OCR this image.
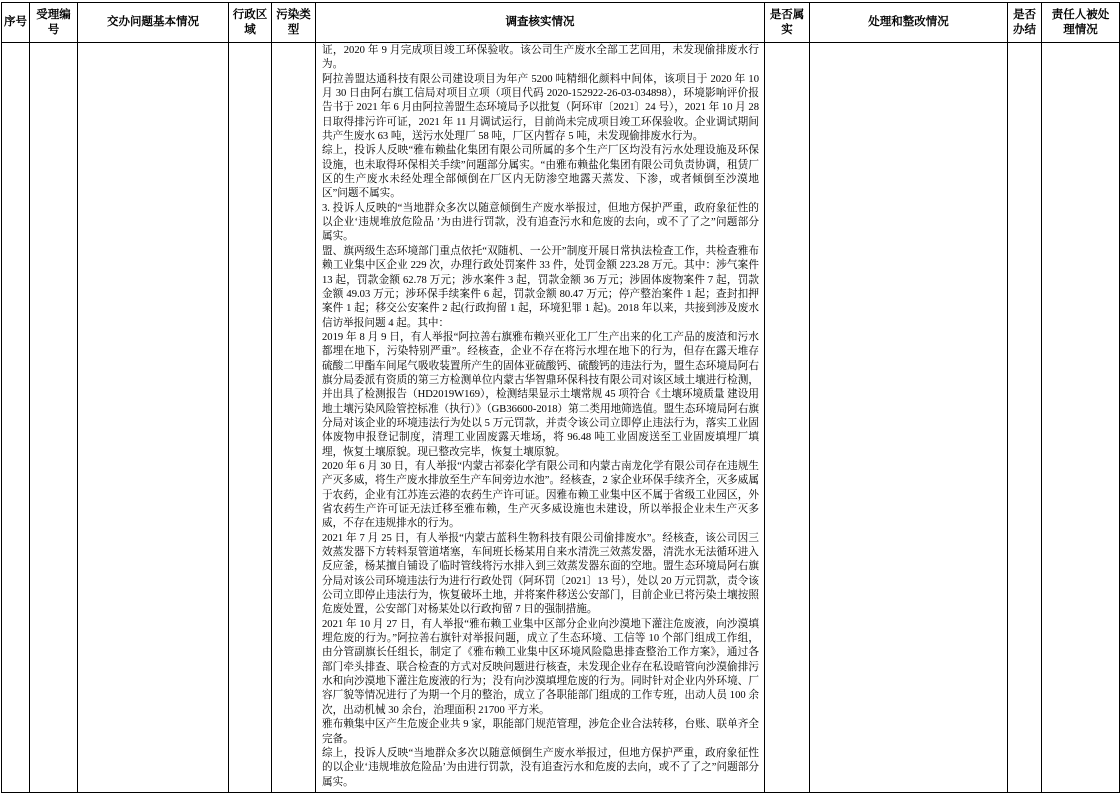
序号	受理编号	交办问题基本情况	行政区域	污染类型	调查核实情况	是否属实	处理和整改情况	是否办结	责任人被处理情况

证，2020 年 9 月完成项目竣工环保验收。该公司生产废水全部工艺回用，未发现偷排废水行为。

阿拉善盟达通科技有限公司建设项目为年产 5200 吨精细化颜料中间体，该项目于 2020 年 10 月 30 日由阿右旗工信局对项目立项（项目代码 2020-152922-26-03-034898），环境影响评价报告书于 2021 年 6 月由阿拉善盟生态环境局予以批复（阿环审〔2021〕24 号），2021 年 10 月 28 日取得排污许可证，2021 年 11 月调试运行，目前尚未完成项目竣工环保验收。企业调试期间共产生废水 63 吨，送污水处理厂 58 吨，厂区内暂存 5 吨，未发现偷排废水行为。

综上，投诉人反映“雅布赖盐化集团有限公司所属的多个生产厂区均没有污水处理设施及环保设施，也未取得环保相关手续”问题部分属实。“由雅布赖盐化集团有限公司负责协调，租赁厂区的生产废水未经处理全部倾倒在厂区内无防渗空地露天蒸发、下渗，或者倾倒至沙漠地区”问题不属实。

3. 投诉人反映的“当地群众多次以随意倾倒生产废水举报过，但地方保护严重，政府象征性的以企业‘违规堆放危险品 ’为由进行罚款，没有追查污水和危废的去向，或不了了之”问题部分属实。

盟、旗两级生态环境部门重点依托“双随机、一公开”制度开展日常执法检查工作，共检查雅布赖工业集中区企业 229 次，办理行政处罚案件 33 件，处罚金额 223.28 万元。其中：涉气案件 13 起，罚款金额 62.78 万元；涉水案件 3 起，罚款金额 36 万元；涉固体废物案件 7 起，罚款金额 49.03 万元；涉环保手续案件 6 起，罚款金额 80.47 万元；停产整治案件 1 起；查封扣押案件 1 起；移交公安案件 2 起(行政拘留 1 起，环境犯罪 1 起)。2018 年以来，共接到涉及废水信访举报问题 4 起。其中：

2019 年 8 月 9 日，有人举报“阿拉善右旗雅布赖兴亚化工厂生产出来的化工产品的废渣和污水都埋在地下，污染特别严重”。经核查，企业不存在将污水埋在地下的行为，但存在露天堆存硫酸二甲酯车间尾气吸收装置所产生的固体亚硫酸钙、硫酸钙的违法行为，盟生态环境局阿右旗分局委派有资质的第三方检测单位内蒙古华智鼎环保科技有限公司对该区域土壤进行检测，并出具了检测报告（HD2019W169），检测结果显示土壤常规 45 项符合《土壤环境质量 建设用地土壤污染风险管控标准（执行）》（GB36600-2018）第二类用地筛选值。盟生态环境局阿右旗分局对该企业的环境违法行为处以 5 万元罚款，并责令该公司立即停止违法行为，落实工业固体废物申报登记制度，清理工业固废露天堆场，将 96.48 吨工业固废送至工业固废填埋厂填埋，恢复土壤原貌。现已整改完毕，恢复土壤原貌。

2020 年 6 月 30 日，有人举报“内蒙古祁泰化学有限公司和内蒙古南龙化学有限公司存在违规生产灭多威，将生产废水排放至生产车间旁边水池”。经核查，2 家企业环保手续齐全，灭多威属于农药，企业有江苏连云港的农药生产许可证。因雅布赖工业集中区不属于省级工业园区，外省农药生产许可证无法迁移至雅布赖，生产灭多威设施也未建设，所以举报企业未生产灭多威，不存在违规排水的行为。

2021 年 7 月 25 日，有人举报“内蒙古蓝科生物科技有限公司偷排废水”。经核查，该公司因三效蒸发器下方转料泵管道堵塞，车间班长杨某用自来水清洗三效蒸发器，清洗水无法循环进入反应釜，杨某擅自铺设了临时管线将污水排入到三效蒸发器东面的空地。盟生态环境局阿右旗分局对该公司环境违法行为进行行政处罚（阿环罚〔2021〕13 号），处以 20 万元罚款，责令该公司立即停止违法行为，恢复破坏土地，并将案件移送公安部门，目前企业已将污染土壤按照危废处置，公安部门对杨某处以行政拘留 7 日的强制措施。

2021 年 10 月 27 日，有人举报“雅布赖工业集中区部分企业向沙漠地下灌注危废液，向沙漠填埋危废的行为。”阿拉善右旗针对举报问题，成立了生态环境、工信等 10 个部门组成工作组，由分管副旗长任组长，制定了《雅布赖工业集中区环境风险隐患排查整治工作方案》，通过各部门牵头排查、联合检查的方式对反映问题进行核查，未发现企业存在私设暗管向沙漠偷排污水和向沙漠地下灌注危废液的行为；没有向沙漠填埋危废的行为。同时针对企业内外环境、厂容厂貌等情况进行了为期一个月的整治，成立了各职能部门组成的工作专班，出动人员 100 余次，出动机械 30 余台，治理面积 21700 平方米。

雅布赖集中区产生危废企业共 9 家，职能部门规范管理，涉危企业合法转移，台账、联单齐全完备。

综上，投诉人反映“当地群众多次以随意倾倒生产废水举报过，但地方保护严重，政府象征性的以企业‘违规堆放危险品’为由进行罚款，没有追查污水和危废的去向，或不了了之”问题部分属实。
